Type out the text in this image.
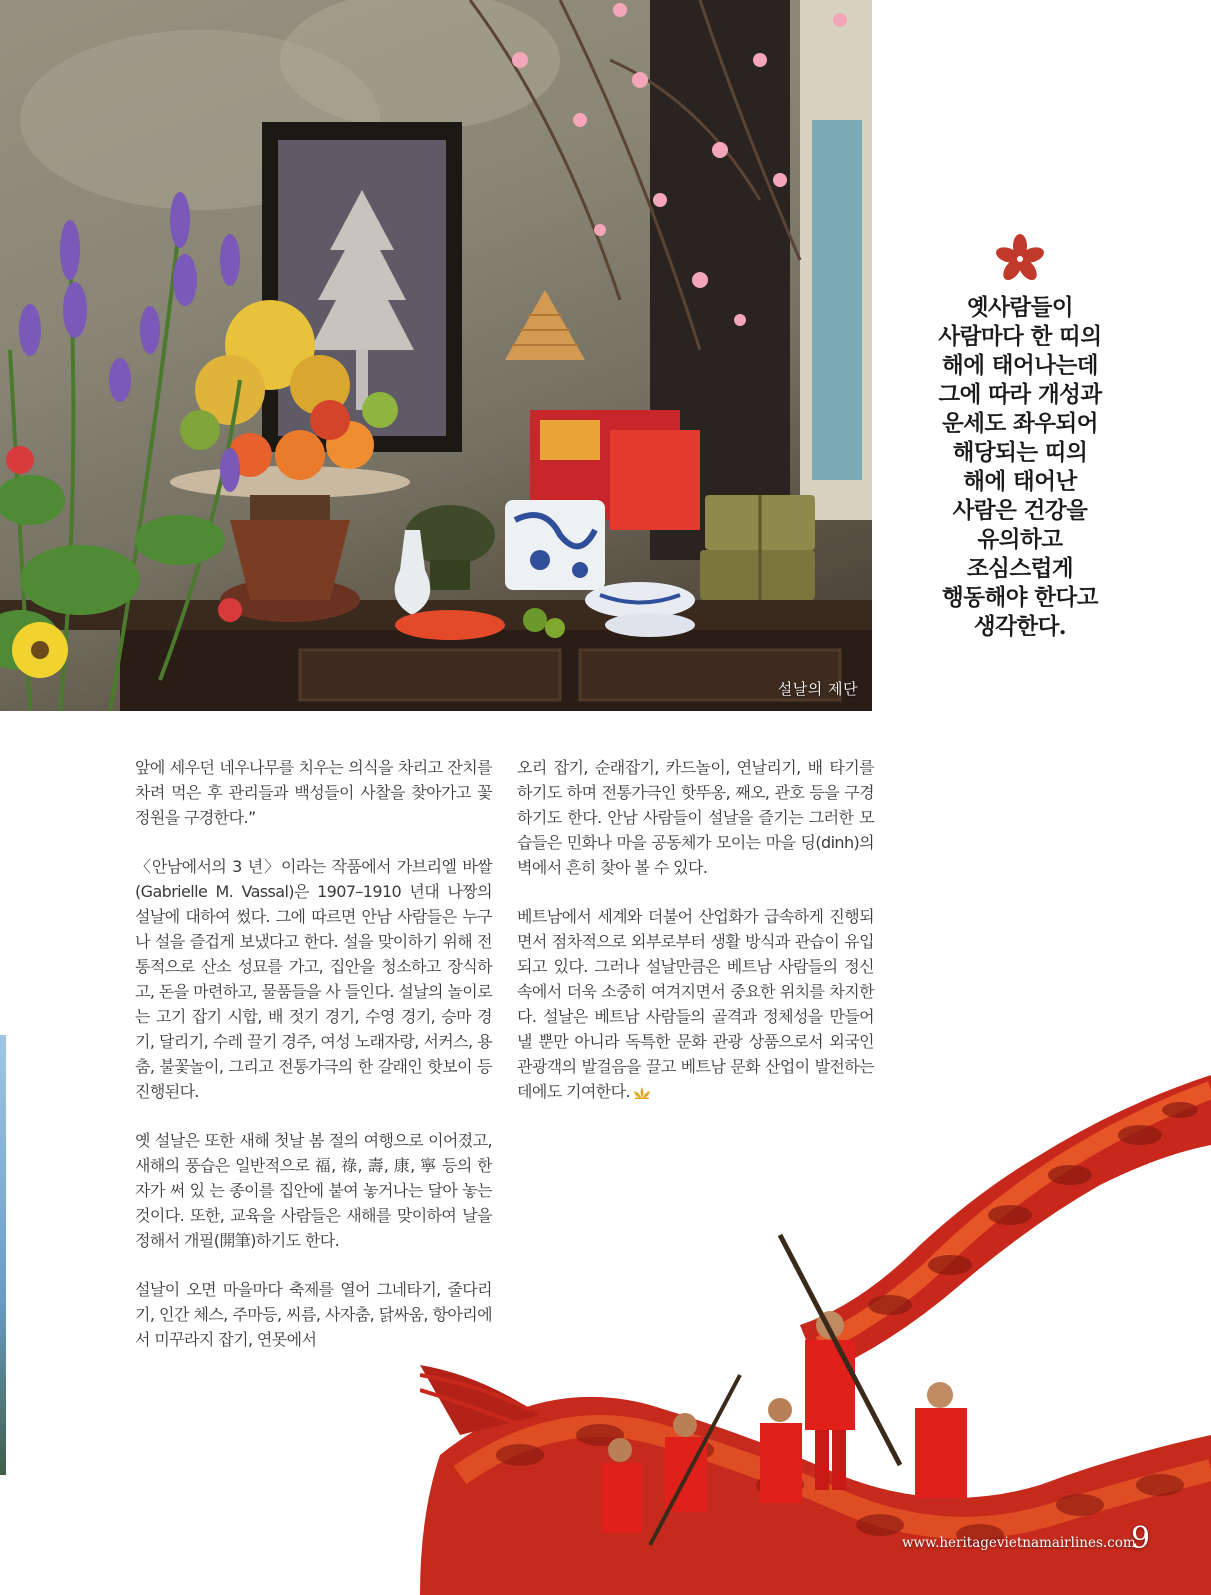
설날의 제단
옛사람들이
사람마다 한 띠의
해에 태어나는데
그에 따라 개성과
운세도 좌우되어
해당되는 띠의
해에 태어난
사람은 건강을
유의하고
조심스럽게
행동해야 한다고
생각한다.

앞에 세우던 네우나무를 치우는 의식을 차리고 잔치를 차려 먹은 후 관리들과 백성들이 사찰을 찾아가고 꽃 정원을 구경한다.”

〈안남에서의 3 년〉이라는 작품에서 가브리엘 바쌀(Gabrielle M. Vassal)은 1907–1910 년대 나짱의 설날에 대하여 썼다. 그에 따르면 안남 사람들은 누구나 설을 즐겁게 보냈다고 한다. 설을 맞이하기 위해 전통적으로 산소 성묘를 가고, 집안을 청소하고 장식하고, 돈을 마련하고, 물품들을 사 들인다. 설날의 놀이로는 고기 잡기 시합, 배 젓기 경기, 수영 경기, 승마 경기, 달리기, 수레 끌기 경주, 여성 노래자랑, 서커스, 용춤, 불꽃놀이, 그리고 전통가극의 한 갈래인 핫보이 등 진행된다.

옛 설날은 또한 새해 첫날 봄 절의 여행으로 이어졌고, 새해의 풍습은 일반적으로 福, 祿, 壽, 康, 寧 등의 한자가 써 있 는 종이를 집안에 붙여 놓거나는 달아 놓는 것이다. 또한, 교육을 사람들은 새해를 맞이하여 날을 정해서 개필(開筆)하기도 한다.

설날이 오면 마을마다 축제를 열어 그네타기, 줄다리기, 인간 체스, 주마등, 씨름, 사자춤, 닭싸움, 항아리에서 미꾸라지 잡기, 연못에서

오리 잡기, 순래잡기, 카드놀이, 연날리기, 배 타기를 하기도 하며 전통가극인 핫뚜옹, 째오, 관호 등을 구경하기도 한다. 안남 사람들이 설날을 즐기는 그러한 모습들은 민화나 마을 공동체가 모이는 마을 딩(dinh)의 벽에서 흔히 찾아 볼 수 있다.

베트남에서 세계와 더불어 산업화가 급속하게 진행되면서 점차적으로 외부로부터 생활 방식과 관습이 유입되고 있다. 그러나 설날만큼은 베트남 사람들의 정신속에서 더욱 소중히 여겨지면서 중요한 위치를 차지한다. 설날은 베트남 사람들의 골격과 정체성을 만들어 낼 뿐만 아니라 독특한 문화 관광 상품으로서 외국인 관광객의 발걸음을 끌고 베트남 문화 산업이 발전하는 데에도 기여한다.

www.heritagevietnamairlines.com
9
